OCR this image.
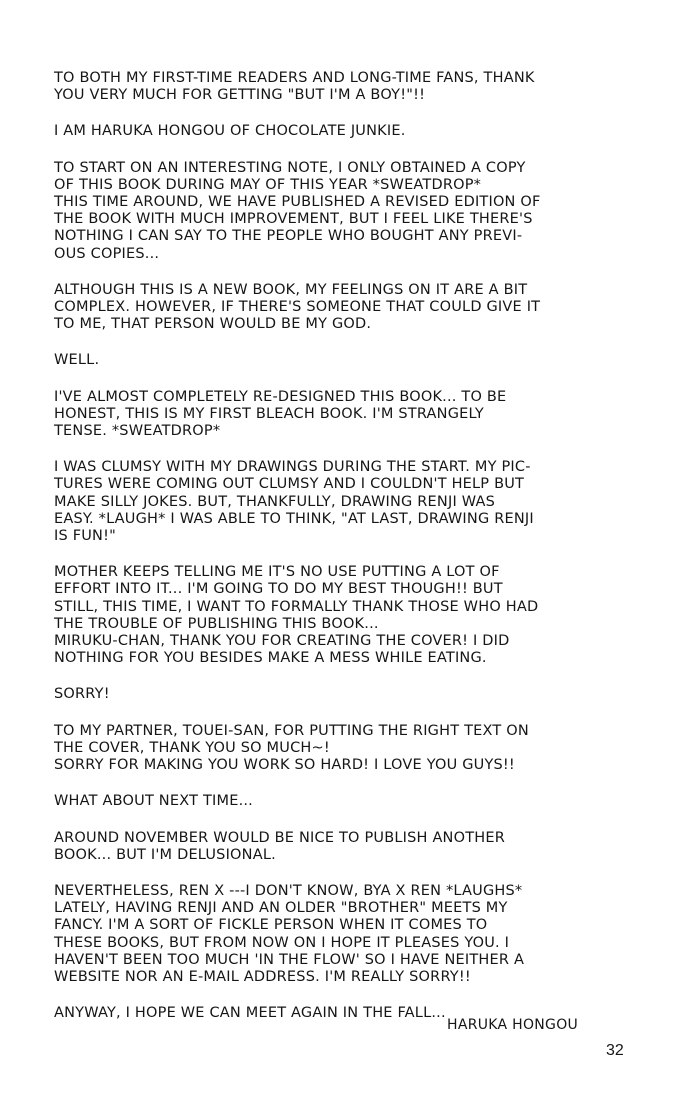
TO BOTH MY FIRST-TIME READERS AND LONG-TIME FANS, THANK
YOU VERY MUCH FOR GETTING "BUT I'M A BOY!"!!

I AM HARUKA HONGOU OF CHOCOLATE JUNKIE.

TO START ON AN INTERESTING NOTE, I ONLY OBTAINED A COPY
OF THIS BOOK DURING MAY OF THIS YEAR *SWEATDROP*
THIS TIME AROUND, WE HAVE PUBLISHED A REVISED EDITION OF
THE BOOK WITH MUCH IMPROVEMENT, BUT I FEEL LIKE THERE'S
NOTHING I CAN SAY TO THE PEOPLE WHO BOUGHT ANY PREVI-
OUS COPIES...

ALTHOUGH THIS IS A NEW BOOK, MY FEELINGS ON IT ARE A BIT
COMPLEX. HOWEVER, IF THERE'S SOMEONE THAT COULD GIVE IT
TO ME, THAT PERSON WOULD BE MY GOD.

WELL.

I'VE ALMOST COMPLETELY RE-DESIGNED THIS BOOK... TO BE
HONEST, THIS IS MY FIRST BLEACH BOOK. I'M STRANGELY
TENSE. *SWEATDROP*

I WAS CLUMSY WITH MY DRAWINGS DURING THE START. MY PIC-
TURES WERE COMING OUT CLUMSY AND I COULDN'T HELP BUT
MAKE SILLY JOKES. BUT, THANKFULLY, DRAWING RENJI WAS
EASY. *LAUGH* I WAS ABLE TO THINK, "AT LAST, DRAWING RENJI
IS FUN!"

MOTHER KEEPS TELLING ME IT'S NO USE PUTTING A LOT OF
EFFORT INTO IT... I'M GOING TO DO MY BEST THOUGH!! BUT
STILL, THIS TIME, I WANT TO FORMALLY THANK THOSE WHO HAD
THE TROUBLE OF PUBLISHING THIS BOOK...
MIRUKU-CHAN, THANK YOU FOR CREATING THE COVER! I DID
NOTHING FOR YOU BESIDES MAKE A MESS WHILE EATING.

SORRY!

TO MY PARTNER, TOUEI-SAN, FOR PUTTING THE RIGHT TEXT ON
THE COVER, THANK YOU SO MUCH~!
SORRY FOR MAKING YOU WORK SO HARD! I LOVE YOU GUYS!!

WHAT ABOUT NEXT TIME...

AROUND NOVEMBER WOULD BE NICE TO PUBLISH ANOTHER
BOOK... BUT I'M DELUSIONAL.

NEVERTHELESS, REN X ---I DON'T KNOW, BYA X REN *LAUGHS*
LATELY, HAVING RENJI AND AN OLDER "BROTHER" MEETS MY
FANCY. I'M A SORT OF FICKLE PERSON WHEN IT COMES TO
THESE BOOKS, BUT FROM NOW ON I HOPE IT PLEASES YOU. I
HAVEN'T BEEN TOO MUCH 'IN THE FLOW' SO I HAVE NEITHER A
WEBSITE NOR AN E-MAIL ADDRESS. I'M REALLY SORRY!!

ANYWAY, I HOPE WE CAN MEET AGAIN IN THE FALL...

HARUKA HONGOU
32
